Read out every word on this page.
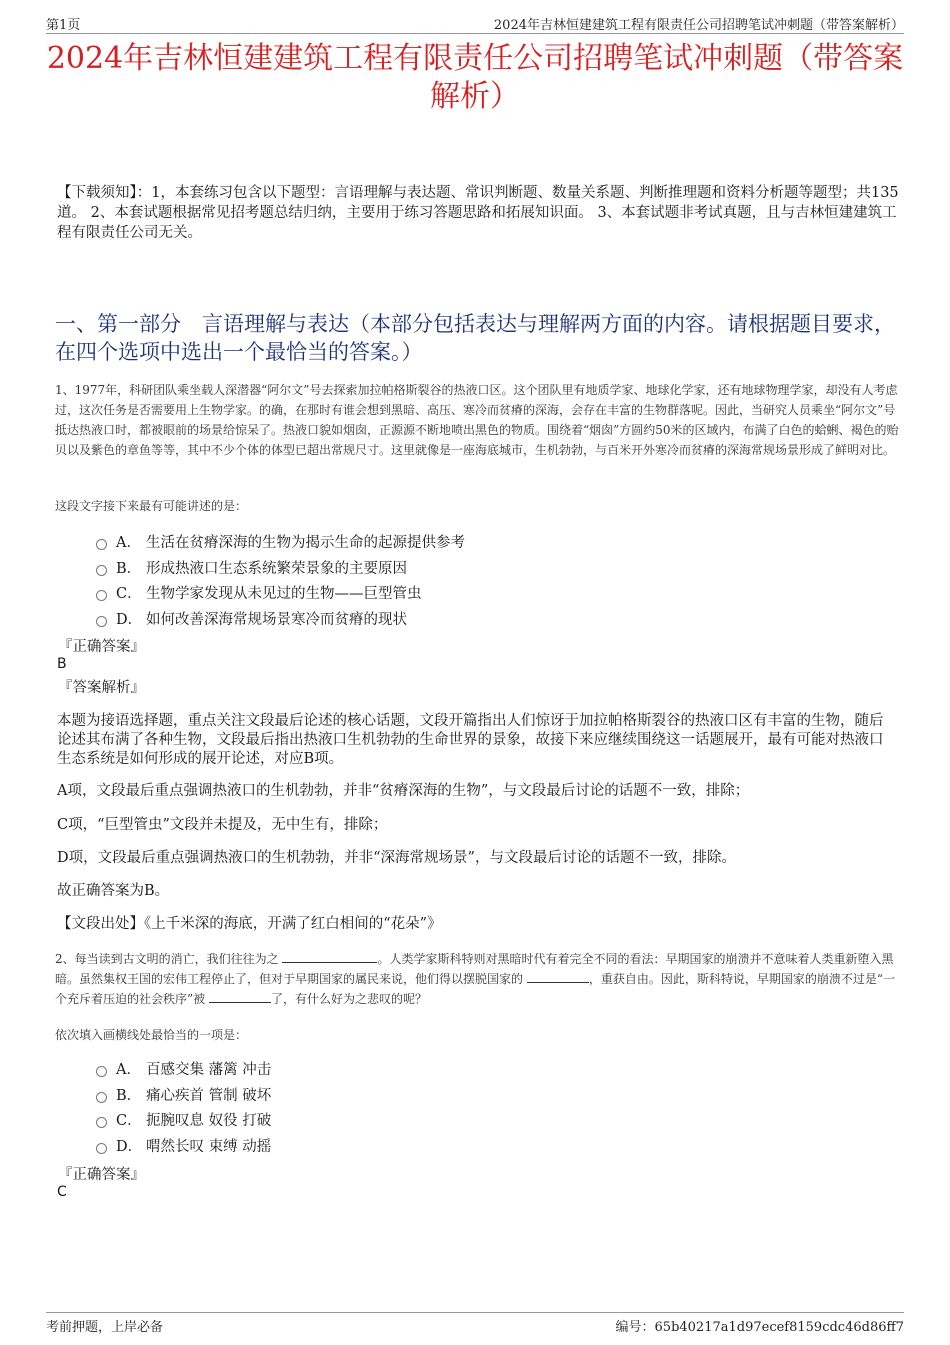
第1页	2024年吉林恒建建筑工程有限责任公司招聘笔试冲刺题（带答案解析）
2024年吉林恒建建筑工程有限责任公司招聘笔试冲刺题（带答案解析）

【下载须知】：1，本套练习包含以下题型：言语理解与表达题、常识判断题、数量关系题、判断推理题和资料分析题等题型；共135道。 2、本套试题根据常见招考题总结归纳，主要用于练习答题思路和拓展知识面。 3、本套试题非考试真题，且与吉林恒建建筑工程有限责任公司无关。

一、第一部分　言语理解与表达（本部分包括表达与理解两方面的内容。请根据题目要求，在四个选项中选出一个最恰当的答案。）

1、1977年，科研团队乘坐载人深潜器“阿尔文”号去探索加拉帕格斯裂谷的热液口区。这个团队里有地质学家、地球化学家，还有地球物理学家，却没有人考虑过，这次任务是否需要用上生物学家。的确，在那时有谁会想到黑暗、高压、寒冷而贫瘠的深海，会存在丰富的生物群落呢。因此，当研究人员乘坐“阿尔文”号抵达热液口时，都被眼前的场景给惊呆了。热液口貌如烟囱，正源源不断地喷出黑色的物质。围绕着“烟囱”方圆约50米的区域内，布满了白色的蛤蜊、褐色的贻贝以及紫色的章鱼等等，其中不少个体的体型已超出常规尺寸。这里就像是一座海底城市，生机勃勃，与百米开外寒冷而贫瘠的深海常规场景形成了鲜明对比。

这段文字接下来最有可能讲述的是：

A． 生活在贫瘠深海的生物为揭示生命的起源提供参考
B． 形成热液口生态系统繁荣景象的主要原因
C． 生物学家发现从未见过的生物——巨型管虫
D． 如何改善深海常规场景寒冷而贫瘠的现状
『正确答案』
B
『答案解析』

本题为接语选择题，重点关注文段最后论述的核心话题，文段开篇指出人们惊讶于加拉帕格斯裂谷的热液口区有丰富的生物，随后论述其布满了各种生物，文段最后指出热液口生机勃勃的生命世界的景象，故接下来应继续围绕这一话题展开，最有可能对热液口生态系统是如何形成的展开论述，对应B项。

A项，文段最后重点强调热液口的生机勃勃，并非“贫瘠深海的生物”，与文段最后讨论的话题不一致，排除；

C项，“巨型管虫”文段并未提及，无中生有，排除；

D项，文段最后重点强调热液口的生机勃勃，并非“深海常规场景”，与文段最后讨论的话题不一致，排除。

故正确答案为B。

【文段出处】《上千米深的海底，开满了红白相间的“花朵”》

2、每当读到古文明的消亡，我们往往为之	。人类学家斯科特则对黑暗时代有着完全不同的看法：早期国家的崩溃并不意味着人类重新堕入黑暗。虽然集权王国的宏伟工程停止了，但对于早期国家的属民来说，他们得以摆脱国家的	，重获自由。因此，斯科特说，早期国家的崩溃不过是“一个充斥着压迫的社会秩序”被	了，有什么好为之悲叹的呢？

依次填入画横线处最恰当的一项是：

A． 百感交集 藩篱 冲击
B． 痛心疾首 管制 破坏
C． 扼腕叹息 奴役 打破
D． 喟然长叹 束缚 动摇
『正确答案』
C
考前押题，上岸必备	编号：65b40217a1d97ecef8159cdc46d86ff7
